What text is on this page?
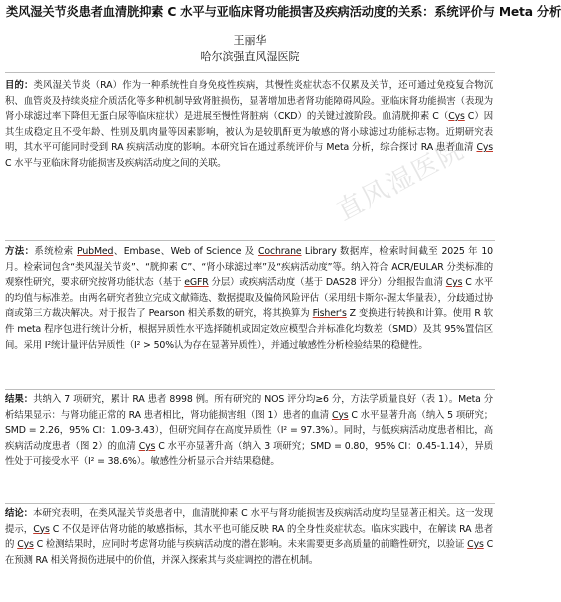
类风湿关节炎患者血清胱抑素 C 水平与亚临床肾功能损害及疾病活动度的关系：系统评价与 Meta 分析
王丽华
哈尔滨强直风湿医院
直风湿医院
目的：类风湿关节炎（RA）作为一种系统性自身免疫性疾病，其慢性炎症状态不仅累及关节，还可通过免疫复合物沉积、血管炎及持续炎症介质活化等多种机制导致肾脏损伤，显著增加患者肾功能障碍风险。亚临床肾功能损害（表现为肾小球滤过率下降但无蛋白尿等临床症状）是进展至慢性肾脏病（CKD）的关键过渡阶段。血清胱抑素 C（Cys C）因其生成稳定且不受年龄、性别及肌肉量等因素影响，被认为是较肌酐更为敏感的肾小球滤过功能标志物。近期研究表明，其水平可能同时受到 RA 疾病活动度的影响。本研究旨在通过系统评价与 Meta 分析，综合探讨 RA 患者血清 Cys C 水平与亚临床肾功能损害及疾病活动度之间的关联。
方法：系统检索 PubMed、Embase、Web of Science 及 Cochrane Library 数据库，检索时间截至 2025 年 10 月。检索词包含“类风湿关节炎”、“胱抑素 C”、“肾小球滤过率”及“疾病活动度”等。纳入符合 ACR/EULAR 分类标准的观察性研究，要求研究按肾功能状态（基于 eGFR 分层）或疾病活动度（基于 DAS28 评分）分组报告血清 Cys C 水平的均值与标准差。由两名研究者独立完成文献筛选、数据提取及偏倚风险评估（采用纽卡斯尔-渥太华量表），分歧通过协商或第三方裁决解决。对于报告了 Pearson 相关系数的研究，将其换算为 Fisher's Z 变换进行转换和计算。使用 R 软件 meta 程序包进行统计分析，根据异质性水平选择随机或固定效应模型合并标准化均数差（SMD）及其 95%置信区间。采用 I²统计量评估异质性（I² > 50%认为存在显著异质性），并通过敏感性分析检验结果的稳健性。
结果：共纳入 7 项研究，累计 RA 患者 8998 例。所有研究的 NOS 评分均≥6 分，方法学质量良好（表 1）。Meta 分析结果显示：与肾功能正常的 RA 患者相比，肾功能损害组（图 1）患者的血清 Cys C 水平显著升高（纳入 5 项研究；SMD = 2.26，95% CI：1.09-3.43），但研究间存在高度异质性（I² = 97.3%）。同时，与低疾病活动度患者相比，高疾病活动度患者（图 2）的血清 Cys C 水平亦显著升高（纳入 3 项研究；SMD = 0.80，95% CI：0.45-1.14），异质性处于可接受水平（I² = 38.6%）。敏感性分析显示合并结果稳健。
结论：本研究表明，在类风湿关节炎患者中，血清胱抑素 C 水平与肾功能损害及疾病活动度均呈显著正相关。这一发现提示，Cys C 不仅是评估肾功能的敏感指标，其水平也可能反映 RA 的全身性炎症状态。临床实践中，在解读 RA 患者的 Cys C 检测结果时，应同时考虑肾功能与疾病活动度的潜在影响。未来需要更多高质量的前瞻性研究，以验证 Cys C 在预测 RA 相关肾损伤进展中的价值，并深入探索其与炎症调控的潜在机制。
